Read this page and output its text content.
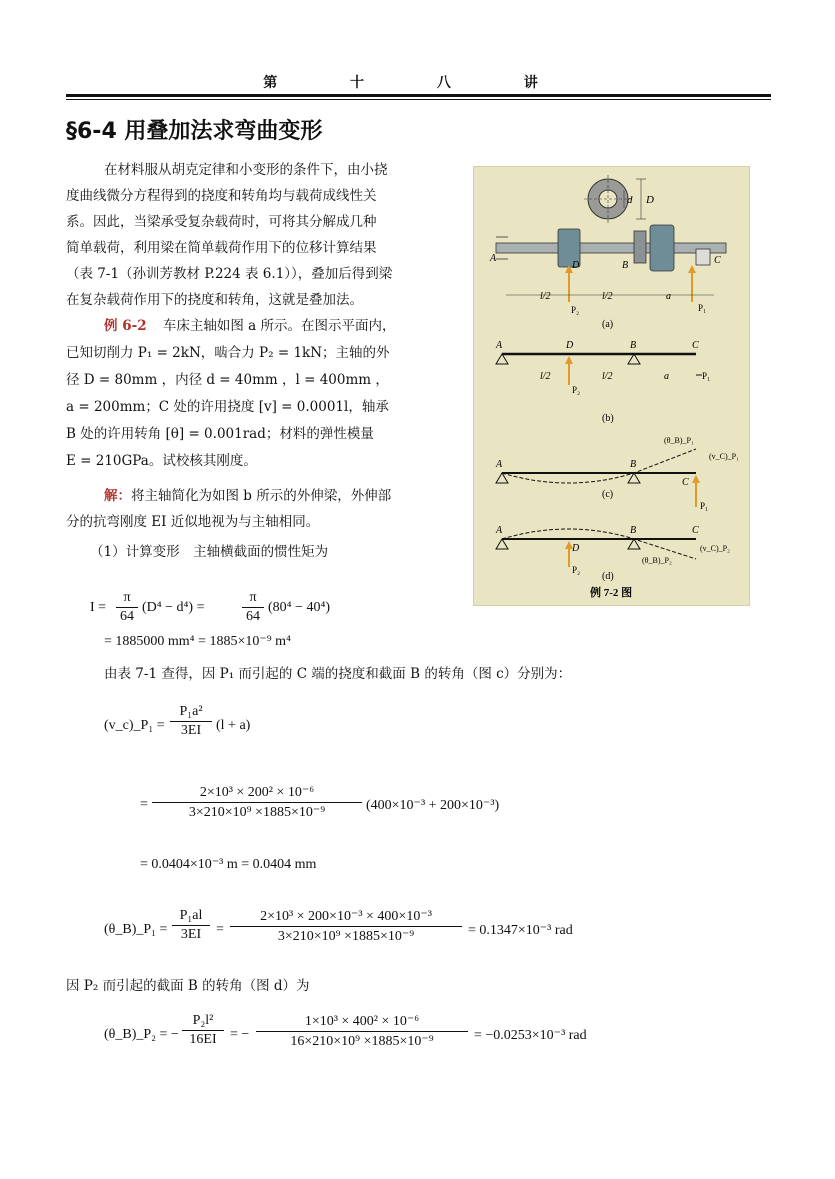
第 十 八 讲
§6-4 用叠加法求弯曲变形
在材料服从胡克定律和小变形的条件下，由小挠
度曲线微分方程得到的挠度和转角均与载荷成线性关
系。因此，当梁承受复杂载荷时，可将其分解成几种
简单载荷，利用梁在简单载荷作用下的位移计算结果
（表 7-1（孙训芳教材 P.224 表 6.1）），叠加后得到梁
在复杂载荷作用下的挠度和转角，这就是叠加法。
例 6-2 车床主轴如图 a 所示。在图示平面内，
已知切削力 P₁ = 2kN，啮合力 P₂ = 1kN；主轴的外
径 D = 80mm ，内径 d = 40mm ，l = 400mm ，
a = 200mm；C 处的许用挠度 [v] = 0.0001l，轴承
B 处的许用转角 [θ] = 0.001rad；材料的弹性模量
E = 210GPa。试校核其刚度。
解：将主轴简化为如图 b 所示的外伸梁，外伸部
分的抗弯刚度 EI 近似地视为与主轴相同。
（1）计算变形　主轴横截面的惯性矩为
$I = \frac{\pi}{64} (D^4 - d^4)$ =	$\frac{\pi}{64} (80^4 - 40^4)$
= 1885000 mm⁴ = 1885×10⁻⁹ m⁴
由表 7-1 查得，因 P₁ 而引起的 C 端的挠度和截面 B 的转角（图 c）分别为：
(v_c)_P₁ = $\frac{\text{P₁a²}}{3EI} (l + a)$
= $\frac{\text{2×10³ × 200² × 10⁻⁶}}{\text{3×210×10⁹ ×1885×10⁻⁹}} (400\times 10^{-3} + 200\times 10^{-3})$
= 0.0404×10⁻³ m = 0.0404 mm
(θ_B)_P₁ = $\frac{\text{P₁al}}{3EI} = \frac{\text{2×10³ × 200×10⁻³ × 400×10⁻³}}{\text{3×210×10⁹ ×1885×10⁻⁹}} = 0.1347\times 10^{-3}$ rad
因 P₂ 而引起的截面 B 的转角（图 d）为
(θ_B)_P₂ = − $\frac{\text{P₂l²}}{16EI}$ = − $\frac{\text{1×10³ × 400² × 10⁻⁶}}{\text{16×210×10⁹ ×1885×10⁻⁹}} = -0.0253\times 10^{-3}$ rad
d D
A
D	B	C
l/2	l/2	a
P₂	P₁
(a)
A	D	B	C
l/2	l/2	a
P₂
P₁
(b)
A	B
C
(θ_B)_P₁
(v_C)_P₁
P₁
(c)
A	B	C
D	(v_C)_P₂
(θ_B)_P₂
P₂
(d)
例 7-2 图
